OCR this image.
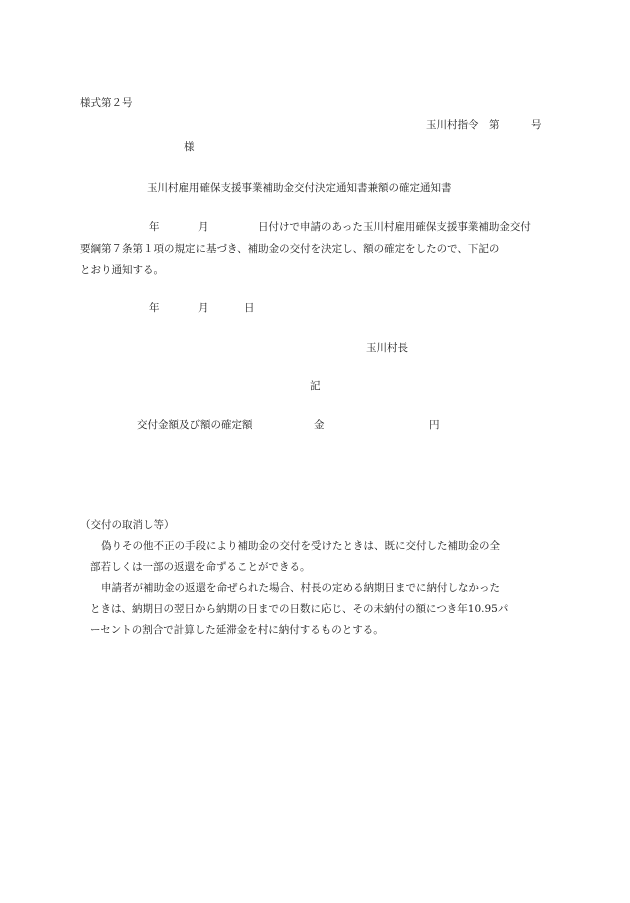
様式第２号
玉川村指令　第　　　号
様
玉川村雇用確保支援事業補助金交付決定通知書兼額の確定通知書
年	月	日付けで申請のあった玉川村雇用確保支援事業補助金交付
要綱第７条第１項の規定に基づき、補助金の交付を決定し、額の確定をしたので、下記の
とおり通知する。
年	月	日
玉川村長
記
交付金額及び額の確定額	金	円
（交付の取消し等）
偽りその他不正の手段により補助金の交付を受けたときは、既に交付した補助金の全
部若しくは一部の返還を命ずることができる。
申請者が補助金の返還を命ぜられた場合、村長の定める納期日までに納付しなかった
ときは、納期日の翌日から納期の日までの日数に応じ、その未納付の額につき年10.95パ
ーセントの割合で計算した延滞金を村に納付するものとする。
